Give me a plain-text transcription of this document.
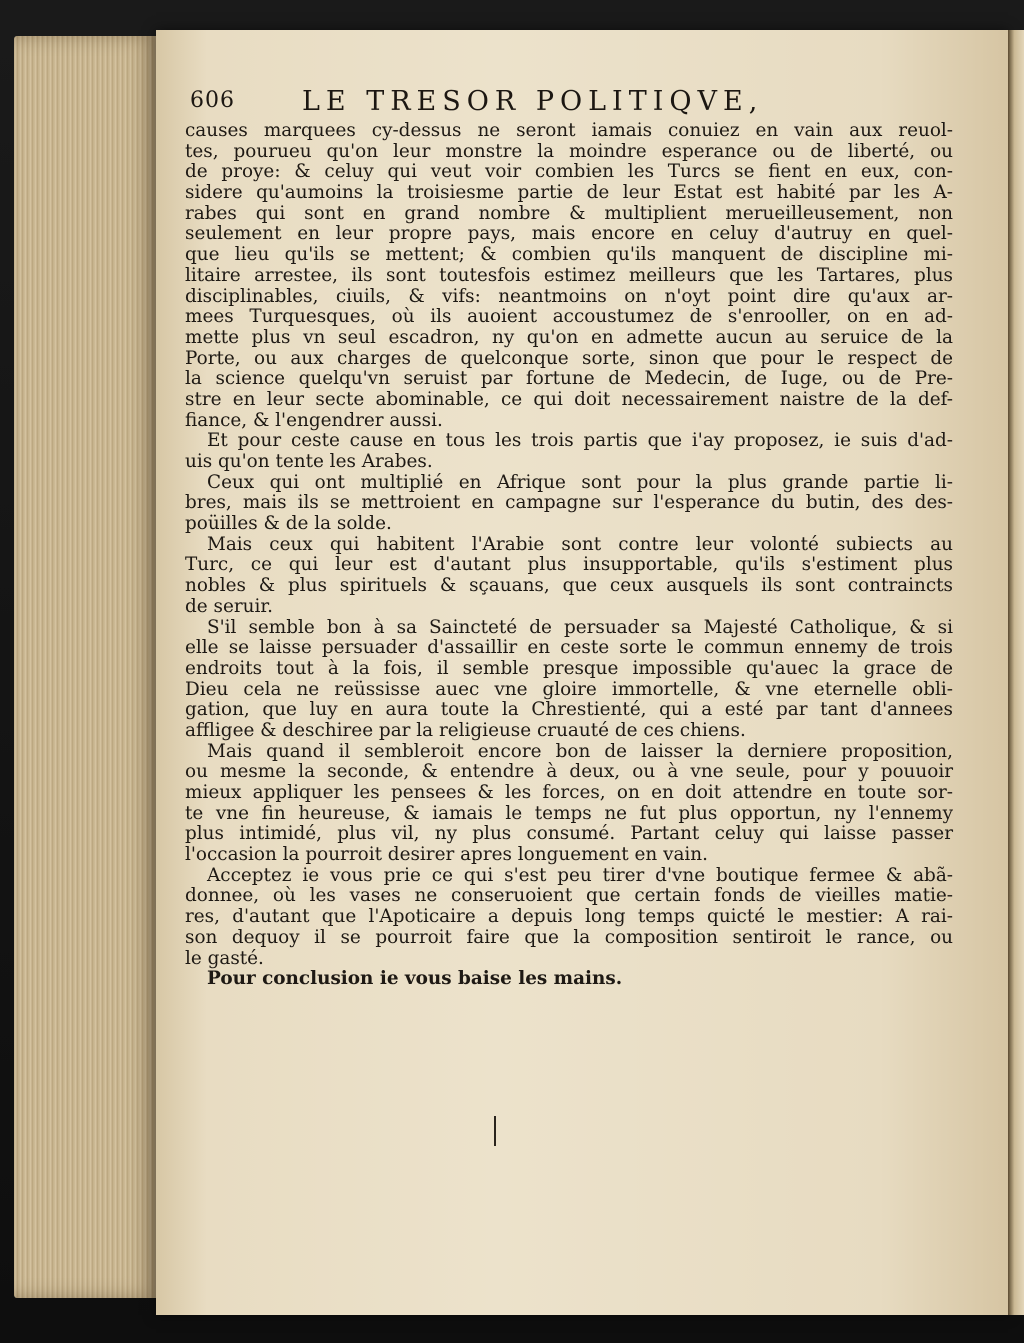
606 LE TRESOR POLITIQVE,
causes marquees cy-dessus ne seront iamais conuiez en vain aux reuol-
tes, pourueu qu'on leur monstre la moindre esperance ou de liberté, ou
de proye: & celuy qui veut voir combien les Turcs se fient en eux, con-
sidere qu'aumoins la troisiesme partie de leur Estat est habité par les A-
rabes qui sont en grand nombre & multiplient merueilleusement, non
seulement en leur propre pays, mais encore en celuy d'autruy en quel-
que lieu qu'ils se mettent; & combien qu'ils manquent de discipline mi-
litaire arrestee, ils sont toutesfois estimez meilleurs que les Tartares, plus
disciplinables, ciuils, & vifs: neantmoins on n'oyt point dire qu'aux ar-
mees Turquesques, où ils auoient accoustumez de s'enrooller, on en ad-
mette plus vn seul escadron, ny qu'on en admette aucun au seruice de la
Porte, ou aux charges de quelconque sorte, sinon que pour le respect de
la science quelqu'vn seruist par fortune de Medecin, de Iuge, ou de Pre-
stre en leur secte abominable, ce qui doit necessairement naistre de la def-
fiance, & l'engendrer aussi.
Et pour ceste cause en tous les trois partis que i'ay proposez, ie suis d'ad-
uis qu'on tente les Arabes.
Ceux qui ont multiplié en Afrique sont pour la plus grande partie li-
bres, mais ils se mettroient en campagne sur l'esperance du butin, des des-
poüilles & de la solde.
Mais ceux qui habitent l'Arabie sont contre leur volonté subiects au
Turc, ce qui leur est d'autant plus insupportable, qu'ils s'estiment plus
nobles & plus spirituels & sçauans, que ceux ausquels ils sont contraincts
de seruir.
S'il semble bon à sa Saincteté de persuader sa Majesté Catholique, & si
elle se laisse persuader d'assaillir en ceste sorte le commun ennemy de trois
endroits tout à la fois, il semble presque impossible qu'auec la grace de
Dieu cela ne reüssisse auec vne gloire immortelle, & vne eternelle obli-
gation, que luy en aura toute la Chrestienté, qui a esté par tant d'annees
affligee & deschiree par la religieuse cruauté de ces chiens.
Mais quand il sembleroit encore bon de laisser la derniere proposition,
ou mesme la seconde, & entendre à deux, ou à vne seule, pour y pouuoir
mieux appliquer les pensees & les forces, on en doit attendre en toute sor-
te vne fin heureuse, & iamais le temps ne fut plus opportun, ny l'ennemy
plus intimidé, plus vil, ny plus consumé. Partant celuy qui laisse passer
l'occasion la pourroit desirer apres longuement en vain.
Acceptez ie vous prie ce qui s'est peu tirer d'vne boutique fermee & abã-
donnee, où les vases ne conseruoient que certain fonds de vieilles matie-
res, d'autant que l'Apoticaire a depuis long temps quicté le mestier: A rai-
son dequoy il se pourroit faire que la composition sentiroit le rance, ou
le gasté.
Pour conclusion ie vous baise les mains.
